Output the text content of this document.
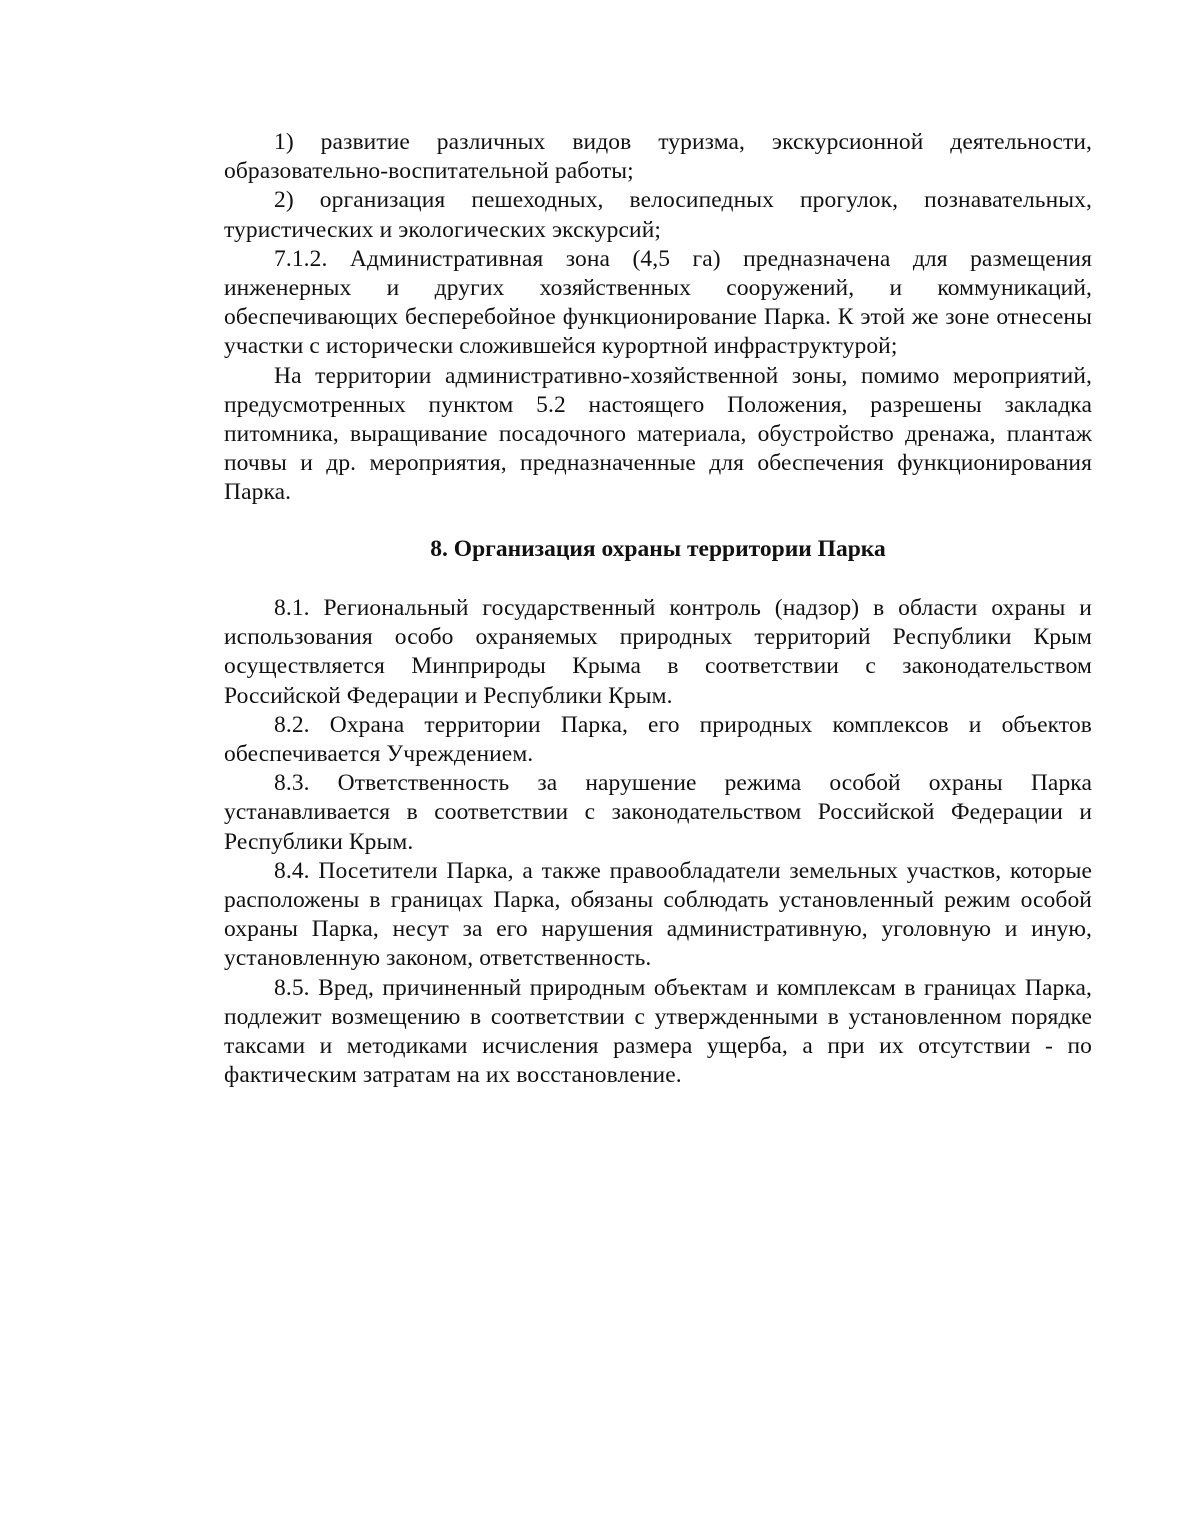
1) развитие различных видов туризма, экскурсионной деятельности, образовательно-воспитательной работы;

2) организация пешеходных, велосипедных прогулок, познавательных, туристических и экологических экскурсий;

7.1.2. Административная зона (4,5 га) предназначена для размещения инженерных и других хозяйственных сооружений, и коммуникаций, обеспечивающих бесперебойное функционирование Парка. К этой же зоне отнесены участки с исторически сложившейся курортной инфраструктурой;

На территории административно-хозяйственной зоны, помимо мероприятий, предусмотренных пунктом 5.2 настоящего Положения, разрешены закладка питомника, выращивание посадочного материала, обустройство дренажа, плантаж почвы и др. мероприятия, предназначенные для обеспечения функционирования Парка.

8. Организация охраны территории Парка

8.1. Региональный государственный контроль (надзор) в области охраны и использования особо охраняемых природных территорий Республики Крым осуществляется Минприроды Крыма в соответствии с законодательством Российской Федерации и Республики Крым.

8.2. Охрана территории Парка, его природных комплексов и объектов обеспечивается Учреждением.

8.3. Ответственность за нарушение режима особой охраны Парка устанавливается в соответствии с законодательством Российской Федерации и Республики Крым.

8.4. Посетители Парка, а также правообладатели земельных участков, которые расположены в границах Парка, обязаны соблюдать установленный режим особой охраны Парка, несут за его нарушения административную, уголовную и иную, установленную законом, ответственность.

8.5. Вред, причиненный природным объектам и комплексам в границах Парка, подлежит возмещению в соответствии с утвержденными в установленном порядке таксами и методиками исчисления размера ущерба, а при их отсутствии - по фактическим затратам на их восстановление.
